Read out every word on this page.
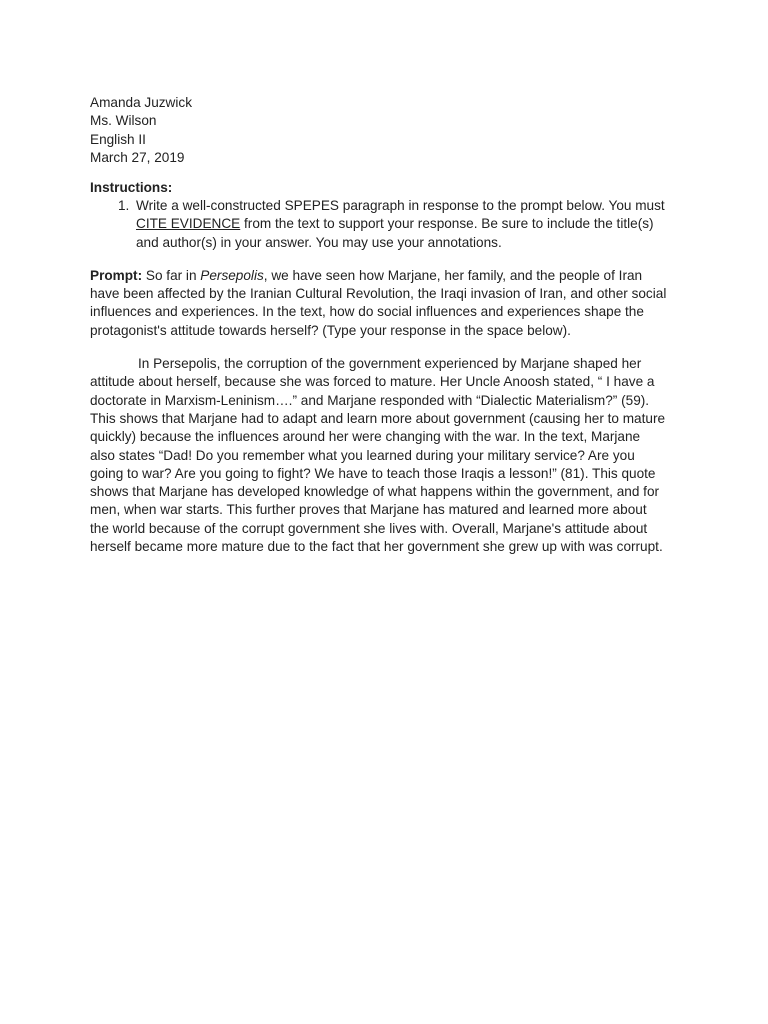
Amanda Juzwick
Ms. Wilson
English II
March 27, 2019
Instructions:
1. Write a well-constructed SPEPES paragraph in response to the prompt below. You must
CITE EVIDENCE from the text to support your response. Be sure to include the title(s)
and author(s) in your answer. You may use your annotations.
Prompt: So far in Persepolis, we have seen how Marjane, her family, and the people of Iran
have been affected by the Iranian Cultural Revolution, the Iraqi invasion of Iran, and other social
influences and experiences. In the text, how do social influences and experiences shape the
protagonist's attitude towards herself? (Type your response in the space below).
In Persepolis, the corruption of the government experienced by Marjane shaped her
attitude about herself, because she was forced to mature. Her Uncle Anoosh stated, “ I have a
doctorate in Marxism-Leninism….” and Marjane responded with “Dialectic Materialism?” (59).
This shows that Marjane had to adapt and learn more about government (causing her to mature
quickly) because the influences around her were changing with the war. In the text, Marjane
also states “Dad! Do you remember what you learned during your military service? Are you
going to war? Are you going to fight? We have to teach those Iraqis a lesson!” (81). This quote
shows that Marjane has developed knowledge of what happens within the government, and for
men, when war starts. This further proves that Marjane has matured and learned more about
the world because of the corrupt government she lives with. Overall, Marjane's attitude about
herself became more mature due to the fact that her government she grew up with was corrupt.
